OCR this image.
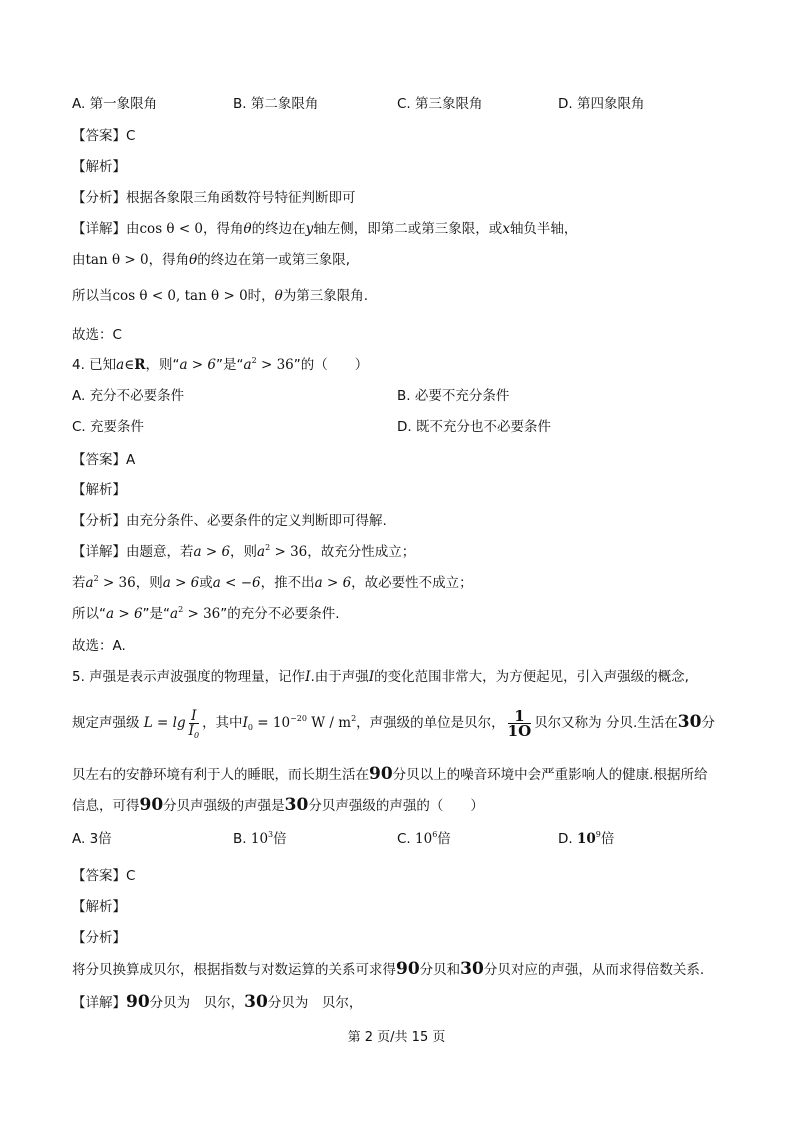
A. 第一象限角	B. 第二象限角	C. 第三象限角	D. 第四象限角
【答案】C
【解析】
【分析】根据各象限三角函数符号特征判断即可
【详解】由cos θ < 0，得角θ的终边在y轴左侧，即第二或第三象限，或x轴负半轴，
由tan θ > 0，得角θ的终边在第一或第三象限,
所以当cos θ < 0, tan θ > 0时，θ为第三象限角.
故选：C
4. 已知a∈R，则“a > 6”是“$a^2 > 36$”的（　　）
A. 充分不必要条件	B. 必要不充分条件
C. 充要条件	D. 既不充分也不必要条件
【答案】A
【解析】
【分析】由充分条件、必要条件的定义判断即可得解.
【详解】由题意，若a > 6，则$a^2 > 36$，故充分性成立；
若$a^2 > 36$，则a > 6或a < −6，推不出a > 6，故必要性不成立；
所以“a > 6”是“$a^2 > 36$”的充分不必要条件.
故选：A.
5. 声强是表示声波强度的物理量，记作I.由于声强I的变化范围非常大，为方便起见，引入声强级的概念,
规定声强级 $L = \lg \frac{I}{I_0}$ ，其中$I_0 = 10^{-20}$ W / $m^2$，声强级的单位是贝尔， $\frac{1}{1O}$ 贝尔又称为 分贝.生活在30分
贝左右的安静环境有利于人的睡眠，而长期生活在90分贝以上的噪音环境中会严重影响人的健康.根据所给
信息，可得90分贝声强级的声强是30分贝声强级的声强的（　　）
A. 3倍	B. $10^3$倍	C. $10^6$倍	D. $10^9$倍
【答案】C
【解析】
【分析】
将分贝换算成贝尔，根据指数与对数运算的关系可求得90分贝和30分贝对应的声强，从而求得倍数关系.
【详解】90分贝为　贝尔，30分贝为　贝尔，
第 2 页/共 15 页
